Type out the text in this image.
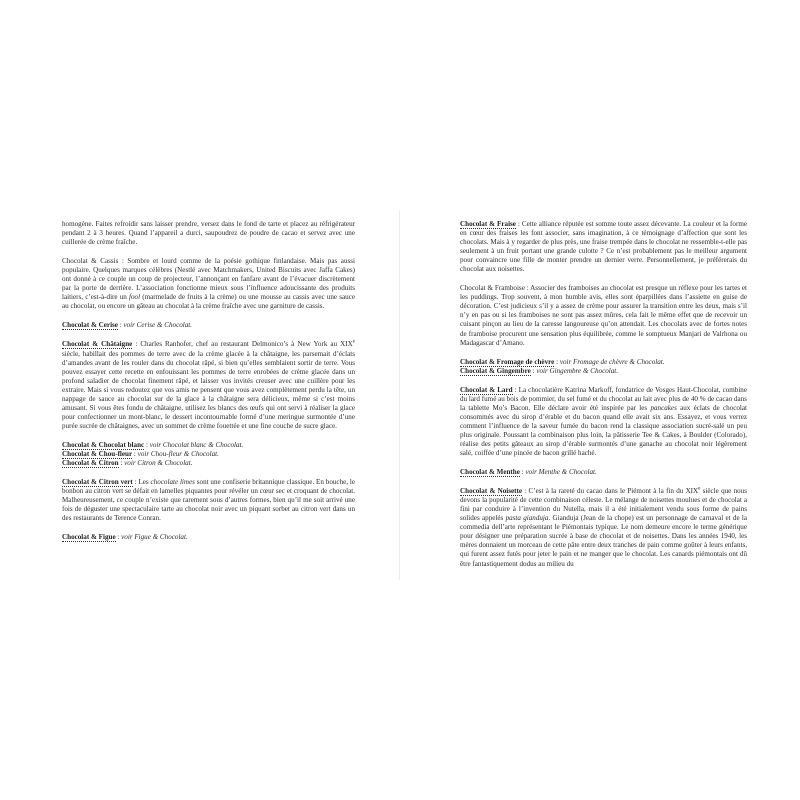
homogène. Faites refroidir sans laisser prendre, versez dans le fond de tarte et placez au réfrigérateur pendant 2 à 3 heures. Quand l’appareil a durci, saupoudrez de poudre de cacao et servez avec une cuillerée de crème fraîche.

Chocolat & Cassis : Sombre et lourd comme de la poésie gothique finlandaise. Mais pas aussi populaire. Quelques marques célèbres (Nestlé avec Matchmakers, United Biscuits avec Jaffa Cakes) ont donné à ce couple un coup de projecteur, l’annonçant en fanfare avant de l’évacuer discrètement par la porte de derrière. L’association fonctionne mieux sous l’influence adoucissante des produits laitiers, c’est-à-dire un fool (marmelade de fruits à la crème) ou une mousse au cassis avec une sauce au chocolat, ou encore un gâteau au chocolat à la crème fraîche avec une garniture de cassis.

Chocolat & Cerise : voir Cerise & Chocolat.

Chocolat & Châtaigne : Charles Ranhofer, chef au restaurant Delmonico’s à New York au XIXe siècle, habillait des pommes de terre avec de la crème glacée à la châtaigne, les parsemait d’éclats d’amandes avant de les rouler dans du chocolat râpé, si bien qu’elles semblaient sortir de terre. Vous pouvez essayer cette recette en enfouissant les pommes de terre enrobées de crème glacée dans un profond saladier de chocolat finement râpé, et laisser vos invités creuser avec une cuillère pour les extraire. Mais si vous redoutez que vos amis ne pensent que vous avez complètement perdu la tête, un nappage de sauce au chocolat sur de la glace à la châtaigne sera délicieux, même si c’est moins amusant. Si vous êtes fondu de châtaigne, utilisez les blancs des œufs qui ont servi à réaliser la glace pour confectionner un mont-blanc, le dessert incontournable formé d’une meringue surmontée d’une purée sucrée de châtaignes, avec un sommet de crème fouettée et une fine couche de sucre glace.

Chocolat & Chocolat blanc : voir Chocolat blanc & Chocolat.

Chocolat & Chou-fleur : voir Chou-fleur & Chocolat.

Chocolat & Citron : voir Citron & Chocolat.

Chocolat & Citron vert : Les chocolate limes sont une confiserie britannique classique. En bouche, le bonbon au citron vert se défait en lamelles piquantes pour révéler un cœur sec et croquant de chocolat. Malheureusement, ce couple n’existe que rarement sous d’autres formes, bien qu’il me soit arrivé une fois de déguster une spectaculaire tarte au chocolat noir avec un piquant sorbet au citron vert dans un des restaurants de Terence Conran.

Chocolat & Figue : voir Figue & Chocolat.

Chocolat & Fraise : Cette alliance réputée est somme toute assez décevante. La couleur et la forme en cœur des fraises les font associer, sans imagination, à ce témoignage d’affection que sont les chocolats. Mais à y regarder de plus près, une fraise trempée dans le chocolat ne ressemble-t-elle pas seulement à un fruit portant une grande culotte ? Ce n’est probablement pas le meilleur argument pour convaincre une fille de monter prendre un dernier verre. Personnellement, je préférerais du chocolat aux noisettes.

Chocolat & Framboise : Associer des framboises au chocolat est presque un réflexe pour les tartes et les puddings. Trop souvent, à mon humble avis, elles sont éparpillées dans l’assiette en guise de décoration. C’est judicieux s’il y a assez de crème pour assurer la transition entre les deux, mais s’il n’y en pas ou si les framboises ne sont pas assez mûres, cela fait le même effet que de recevoir un cuisant pinçon au lieu de la caresse langoureuse qu’on attendait. Les chocolats avec de fortes notes de framboise procurent une sensation plus équilibrée, comme le somptueux Manjari de Valrhona ou Madagascar d’Amano.

Chocolat & Fromage de chèvre : voir Fromage de chèvre & Chocolat.

Chocolat & Gingembre : voir Gingembre & Chocolat.

Chocolat & Lard : La chocolatière Katrina Markoff, fondatrice de Vosges Haut-Chocolat, combine du lard fumé au bois de pommier, du sel fumé et du chocolat au lait avec plus de 40 % de cacao dans la tablette Mo’s Bacon. Elle déclare avoir été inspirée par les pancakes aux éclats de chocolat consommés avec du sirop d’érable et du bacon quand elle avait six ans. Essayez, et vous verrez comment l’influence de la saveur fumée du bacon rend la classique association sucré-salé un peu plus originale. Poussant la combinaison plus loin, la pâtisserie Tee & Cakes, à Boulder (Colorado), réalise des petits gâteaux au sirop d’érable surmontés d’une ganache au chocolat noir légèrement salé, coiffée d’une pincée de bacon grillé haché.

Chocolat & Menthe : voir Menthe & Chocolat.

Chocolat & Noisette : C’est à la rareté du cacao dans le Piémont à la fin du XIXe siècle que nous devons la popularité de cette combinaison céleste. Le mélange de noisettes moulues et de chocolat a fini par conduire à l’invention du Nutella, mais il a été initialement vendu sous forme de pains solides appelés pasta gianduja. Gianduja (Jean de la chope) est un personnage de carnaval et de la commedia dell’arte représentant le Piémontais typique. Le nom demeure encore le terme générique pour désigner une préparation sucrée à base de chocolat et de noisettes. Dans les années 1940, les mères donnaient un morceau de cette pâte entre deux tranches de pain comme goûter à leurs enfants, qui furent assez futés pour jeter le pain et ne manger que le chocolat. Les canards piémontais ont dû être fantastiquement dodus au milieu du
